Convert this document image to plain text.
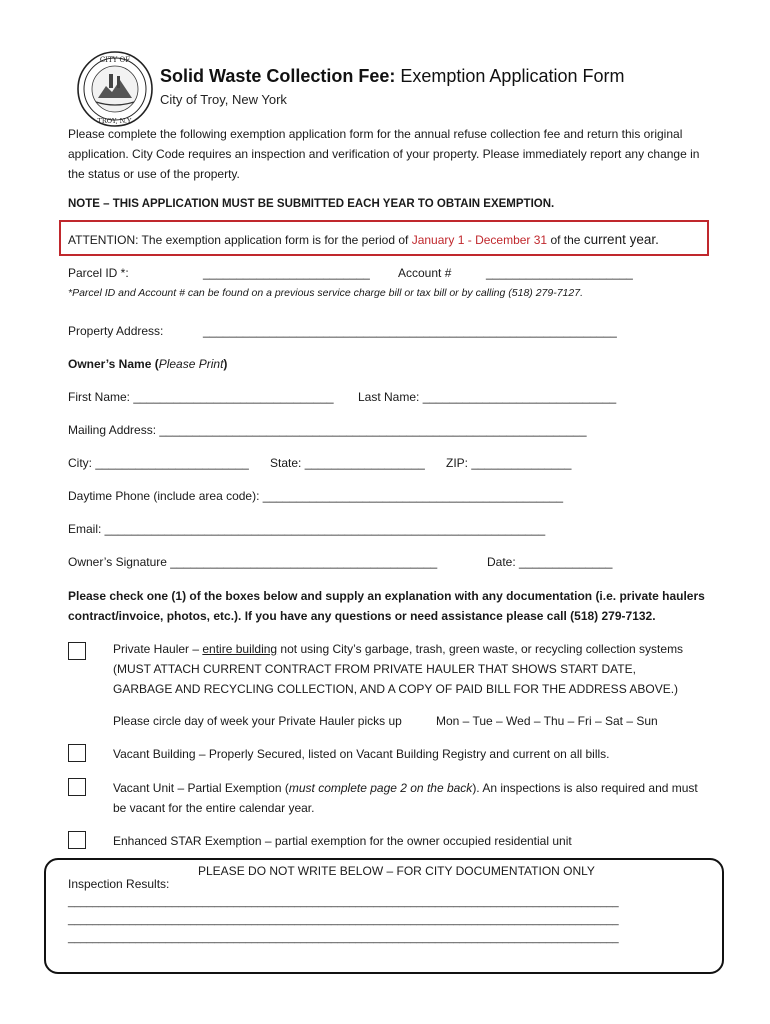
CITY OF
TROY, N.Y.
Solid Waste Collection Fee: Exemption Application Form
City of Troy, New York
Please complete the following exemption application form for the annual refuse collection fee and return this original application. City Code requires an inspection and verification of your property. Please immediately report any change in the status or use of the property.
NOTE – THIS APPLICATION MUST BE SUBMITTED EACH YEAR TO OBTAIN EXEMPTION.
ATTENTION: The exemption application form is for the period of January 1 - December 31 of the current year.
Parcel ID *:	_________________________ Account #	______________________
*Parcel ID and Account # can be found on a previous service charge bill or tax bill or by calling (518) 279-7127.
Property Address:	______________________________________________________________
Owner’s Name (Please Print)
First Name: ______________________________ Last Name: _____________________________
Mailing Address: ________________________________________________________________
City: _______________________ State: __________________ ZIP: _______________
Daytime Phone (include area code): _____________________________________________
Email: __________________________________________________________________
Owner’s Signature ________________________________________	Date: ______________
Please check one (1) of the boxes below and supply an explanation with any documentation (i.e. private haulers contract/invoice, photos, etc.). If you have any questions or need assistance please call (518) 279-7132.
Private Hauler – entire building not using City’s garbage, trash, green waste, or recycling collection systems (MUST ATTACH CURRENT CONTRACT FROM PRIVATE HAULER THAT SHOWS START DATE, GARBAGE AND RECYCLING COLLECTION, AND A COPY OF PAID BILL FOR THE ADDRESS ABOVE.)
Please circle day of week your Private Hauler picks up	Mon – Tue – Wed – Thu – Fri – Sat – Sun
Vacant Building – Properly Secured, listed on Vacant Building Registry and current on all bills.
Vacant Unit – Partial Exemption (must complete page 2 on the back). An inspections is also required and must be vacant for the entire calendar year.
Enhanced STAR Exemption – partial exemption for the owner occupied residential unit
PLEASE DO NOT WRITE BELOW – FOR CITY DOCUMENTATION ONLY
Inspection Results:
__________________________________________________________________________________________
__________________________________________________________________________________________
__________________________________________________________________________________________
